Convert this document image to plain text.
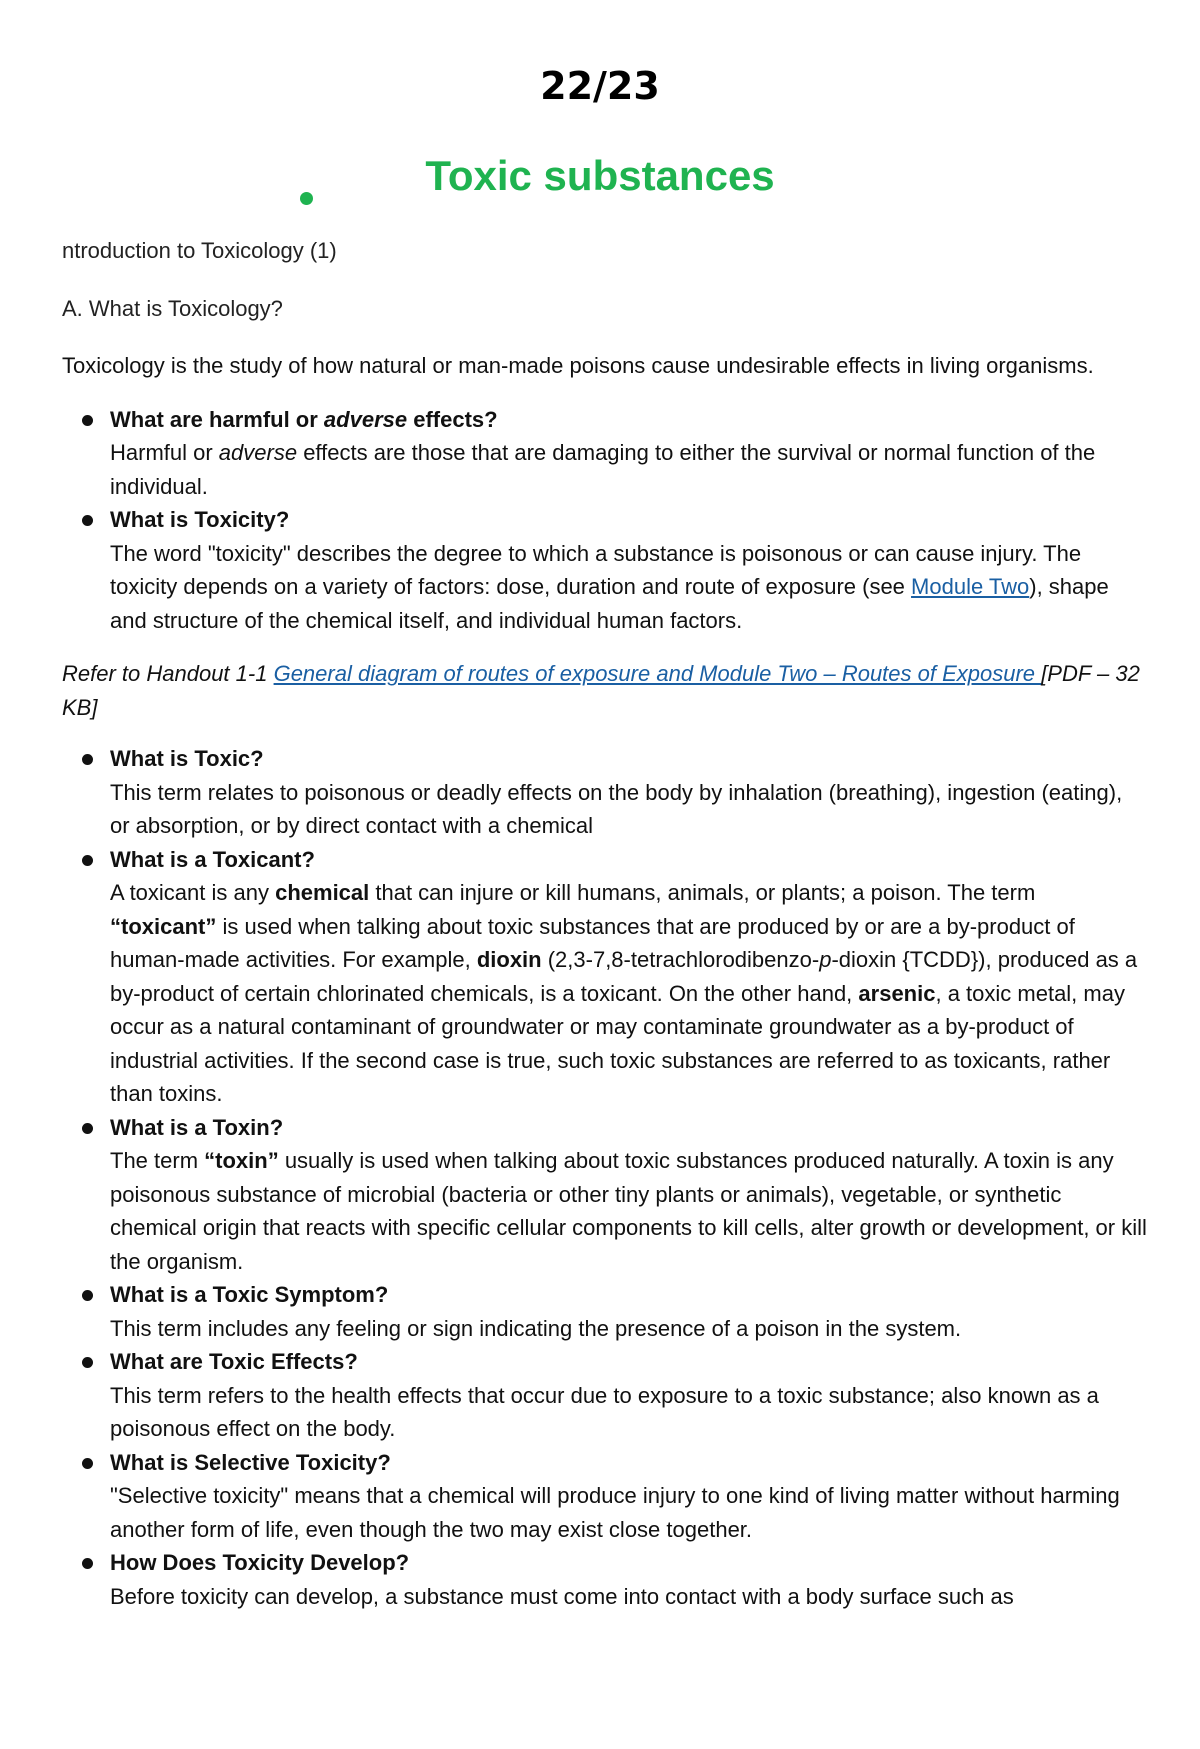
22/23
Toxic substances

ntroduction to Toxicology (1)

A. What is Toxicology?

Toxicology is the study of how natural or man-made poisons cause undesirable effects in living organisms.

What are harmful or adverse effects?
Harmful or adverse effects are those that are damaging to either the survival or normal function of the individual.
What is Toxicity?
The word "toxicity" describes the degree to which a substance is poisonous or can cause injury. The toxicity depends on a variety of factors: dose, duration and route of exposure (see Module Two), shape and structure of the chemical itself, and individual human factors.

Refer to Handout 1-1 General diagram of routes of exposure and Module Two – Routes of Exposure [PDF – 32 KB]

What is Toxic?
This term relates to poisonous or deadly effects on the body by inhalation (breathing), ingestion (eating), or absorption, or by direct contact with a chemical
What is a Toxicant?
A toxicant is any chemical that can injure or kill humans, animals, or plants; a poison. The term “toxicant” is used when talking about toxic substances that are produced by or are a by-product of human-made activities. For example, dioxin (2,3-7,8-tetrachlorodibenzo-p-dioxin {TCDD}), produced as a by-product of certain chlorinated chemicals, is a toxicant. On the other hand, arsenic, a toxic metal, may occur as a natural contaminant of groundwater or may contaminate groundwater as a by-product of industrial activities. If the second case is true, such toxic substances are referred to as toxicants, rather than toxins.
What is a Toxin?
The term “toxin” usually is used when talking about toxic substances produced naturally. A toxin is any poisonous substance of microbial (bacteria or other tiny plants or animals), vegetable, or synthetic chemical origin that reacts with specific cellular components to kill cells, alter growth or development, or kill the organism.
What is a Toxic Symptom?
This term includes any feeling or sign indicating the presence of a poison in the system.
What are Toxic Effects?
This term refers to the health effects that occur due to exposure to a toxic substance; also known as a poisonous effect on the body.
What is Selective Toxicity?
"Selective toxicity" means that a chemical will produce injury to one kind of living matter without harming another form of life, even though the two may exist close together.
How Does Toxicity Develop?
Before toxicity can develop, a substance must come into contact with a body surface such as
